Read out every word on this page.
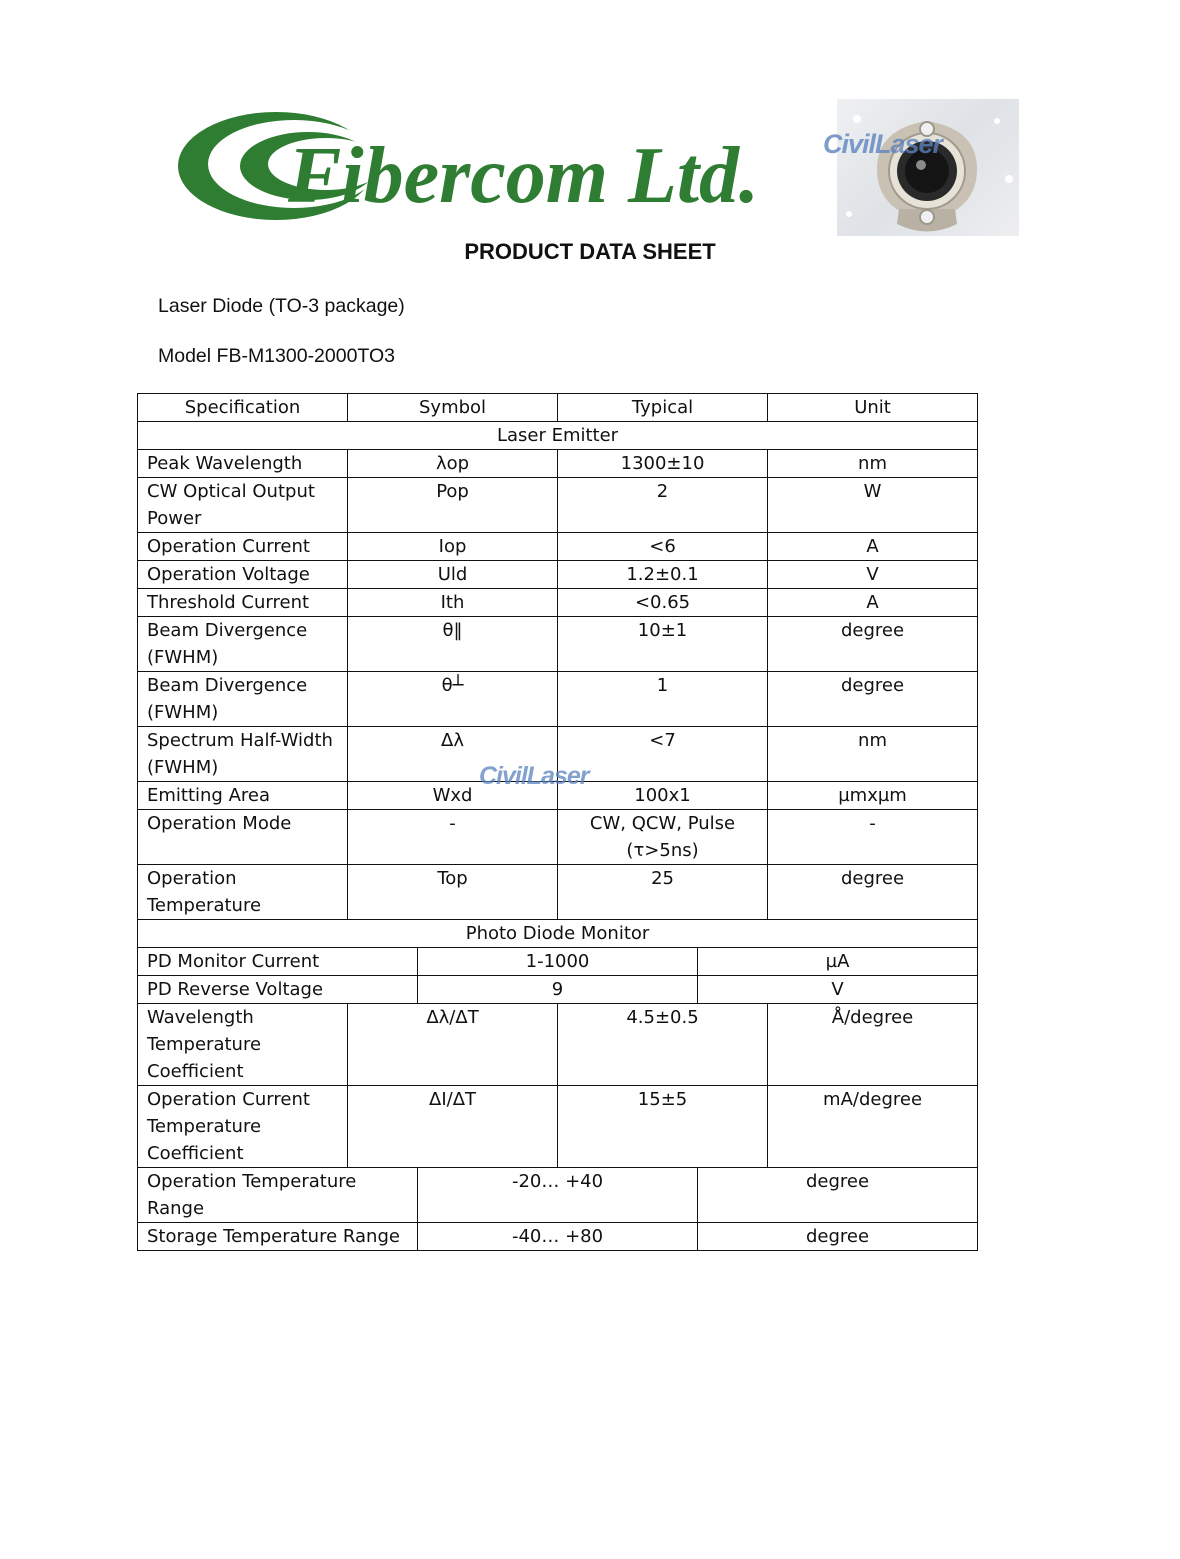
Fibercom Ltd. CivilLaser
PRODUCT DATA SHEET
Laser Diode (TO-3 package)
Model FB-M1300-2000TO3
Specification	Symbol		Typical		Unit
Laser Emitter					
Peak Wavelength	λop		1300±10		nm
CW Optical Output Power	Pop		2		W
Operation Current	Iop		<6		A
Operation Voltage	Uld		1.2±0.1		V
Threshold Current	Ith		<0.65		A
Beam Divergence (FWHM)	θ‖		10±1		degree
Beam Divergence (FWHM)	θ┴		1		degree
Spectrum Half-Width (FWHM)	Δλ		<7		nm
Emitting Area	Wxd		100x1		µmxµm
Operation Mode	-		CW, QCW, Pulse (τ>5ns)		-
Operation Temperature	Top		25		degree
Photo Diode Monitor					
PD Monitor Current		1-1000		µA	
PD Reverse Voltage		9		V	
Wavelength Temperature Coefficient	Δλ/ΔT		4.5±0.5		Å/degree
Operation Current Temperature Coefficient	ΔI/ΔT		15±5		mA/degree
Operation Temperature Range		-20… +40		degree	
Storage Temperature Range		-40… +80		degree	
CivilLaser
